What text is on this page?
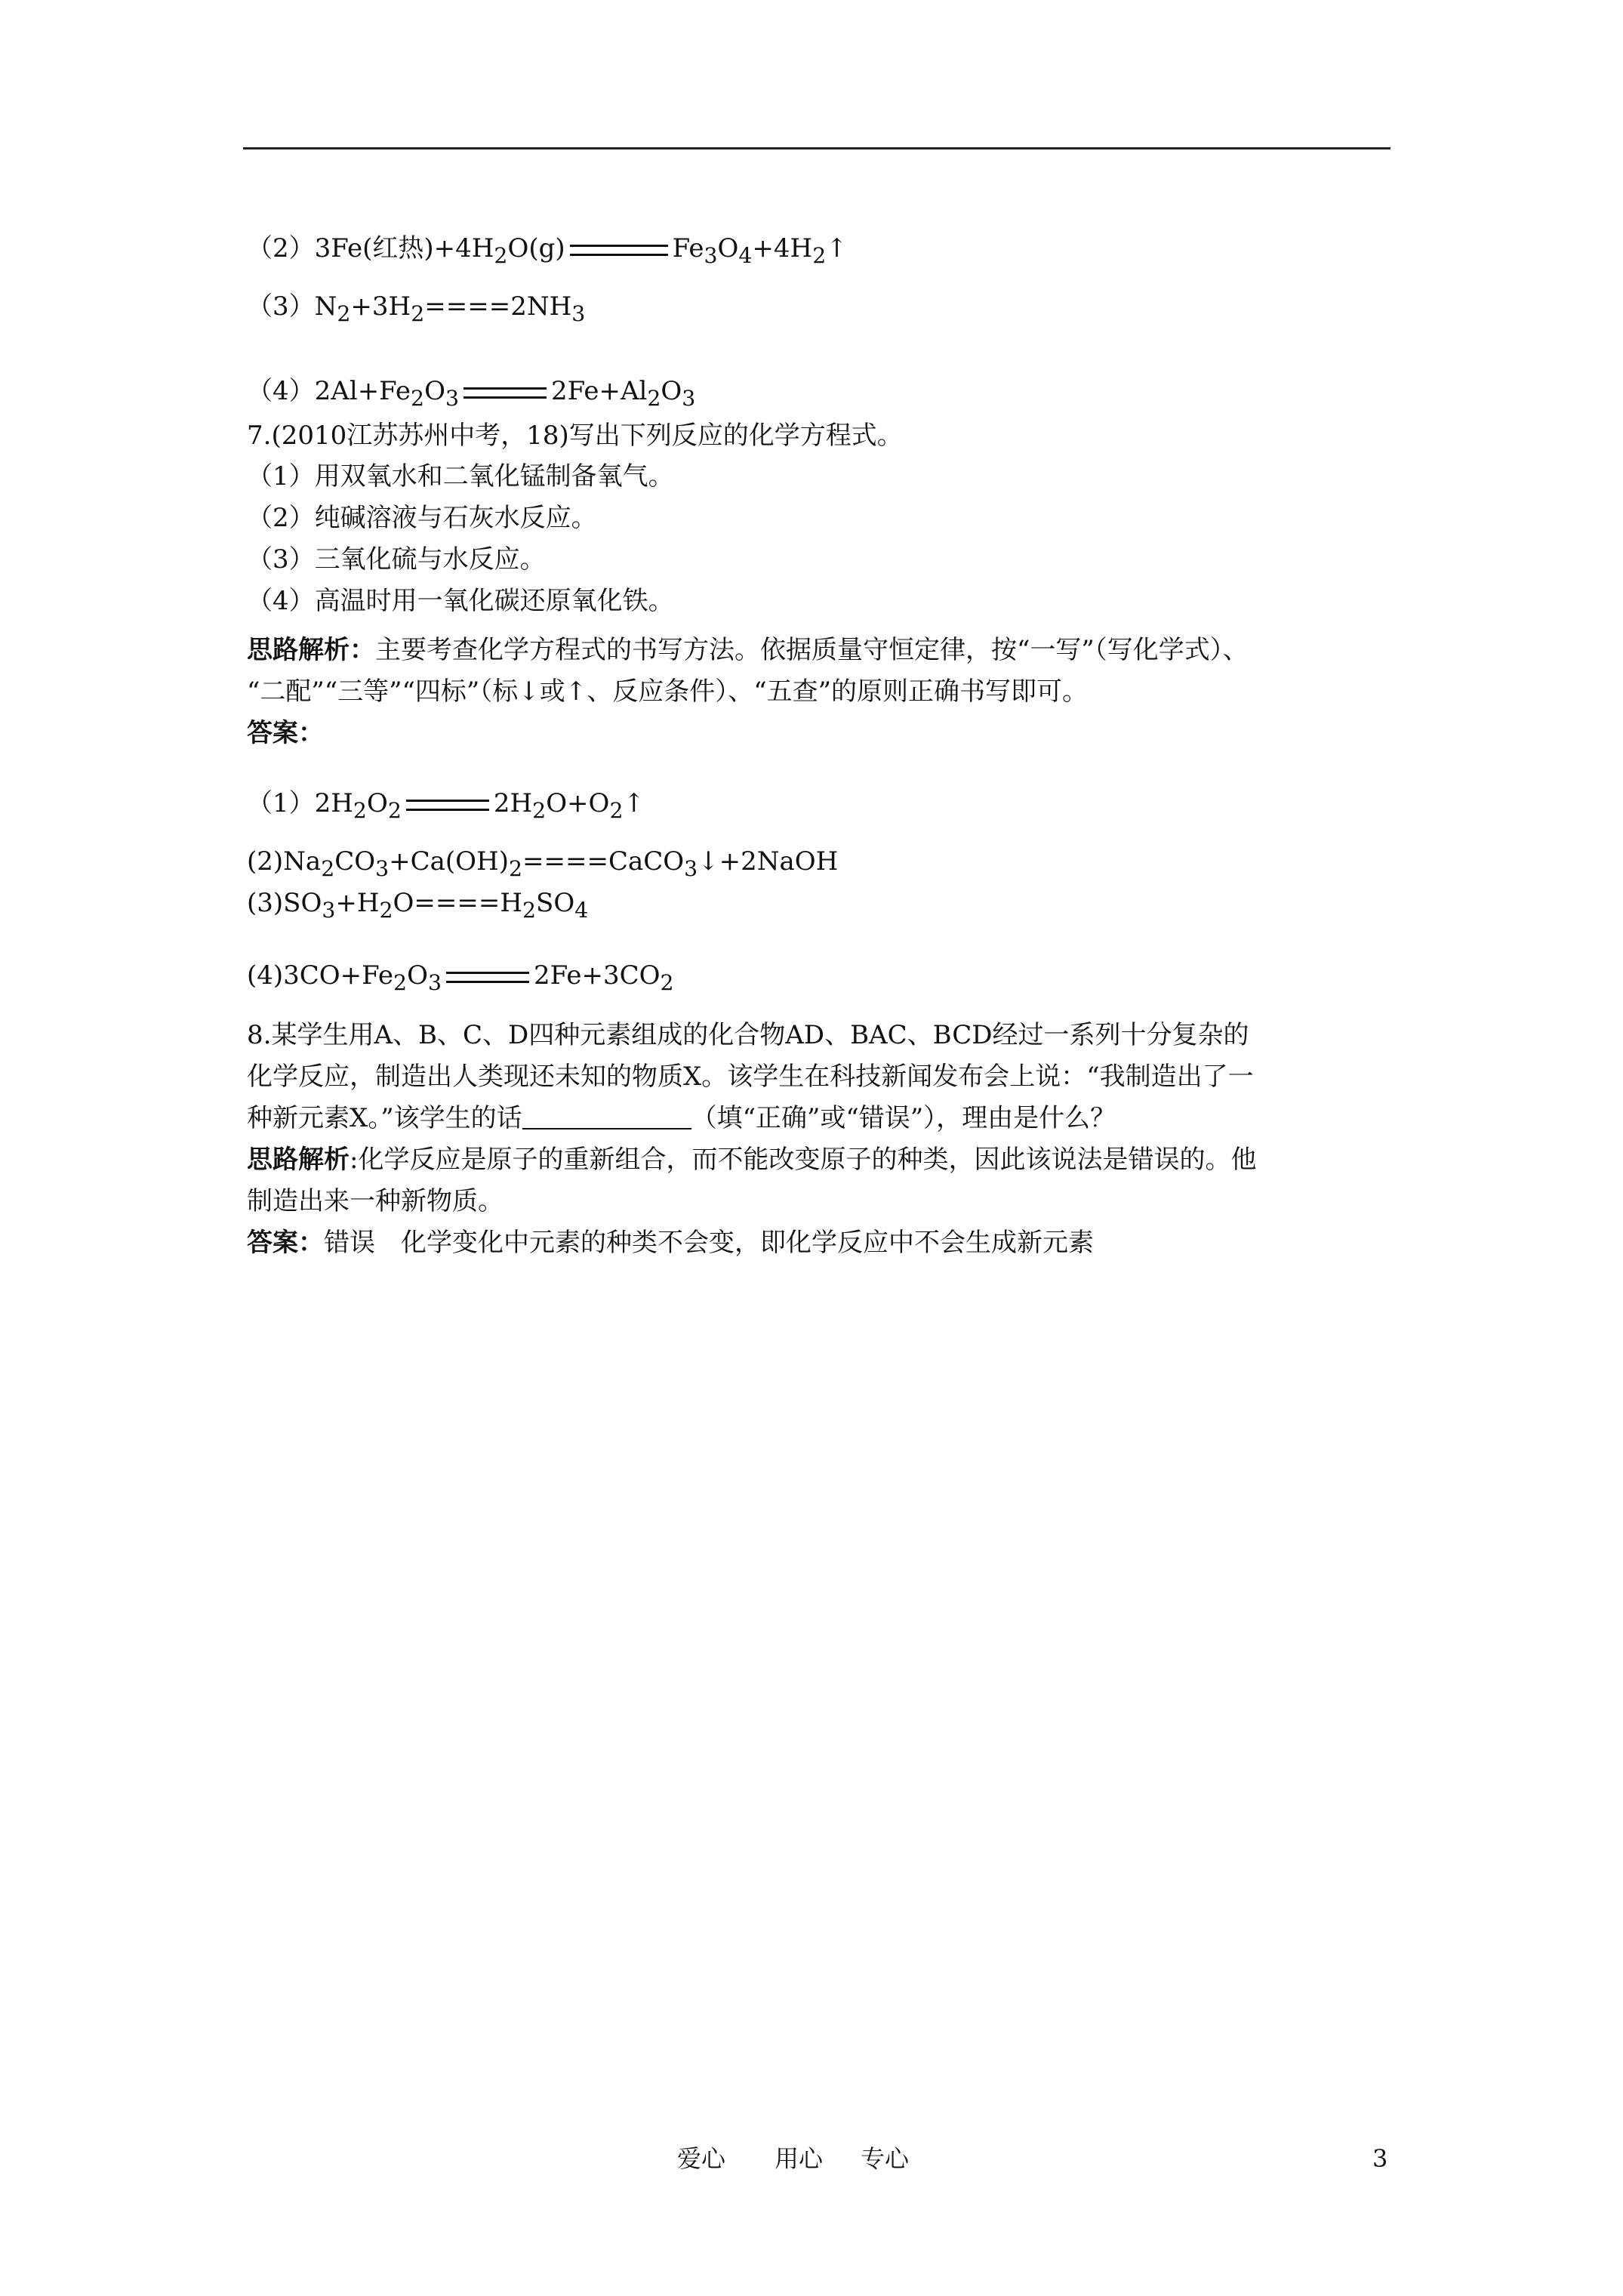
（2）3Fe(红热)$+4H_2O(g)$	$Fe_3O_4+4H_2↑$
$(3)N_2+3H_2====2NH_3$
$(4)2Al+Fe_2O_3$	$2Fe+Al_2O_3$
7.(2010江苏苏州中考，18)写出下列反应的化学方程式。
（1）用双氧水和二氧化锰制备氧气。
（2）纯碱溶液与石灰水反应。
（3）三氧化硫与水反应。
（4）高温时用一氧化碳还原氧化铁。
思路解析：主要考查化学方程式的书写方法。依据质量守恒定律，按“一写”（写化学式）、
“二配”“三等”“四标”（标↓或↑、反应条件）、“五查”的原则正确书写即可。
答案：
$(1)2H_2O_2$	$2H_2O+O_2↑$
$(2)Na_2CO_3+Ca(OH)_2====CaCO_3↓+2NaOH$
$(3)SO_3+H_2O====H_2SO_4$
$(4)3CO+Fe_2O_3$	$2Fe+3CO_2$
8.某学生用A、B、C、D四种元素组成的化合物AD、BAC、BCD经过一系列十分复杂的
化学反应，制造出人类现还未知的物质X。该学生在科技新闻发布会上说：“我制造出了一
种新元素X。”该学生的话	（填“正确”或“错误”），理由是什么？
思路解析:化学反应是原子的重新组合，而不能改变原子的种类，因此该说法是错误的。他
制造出来一种新物质。
答案：错误　化学变化中元素的种类不会变，即化学反应中不会生成新元素
爱心 用心 专心	3
